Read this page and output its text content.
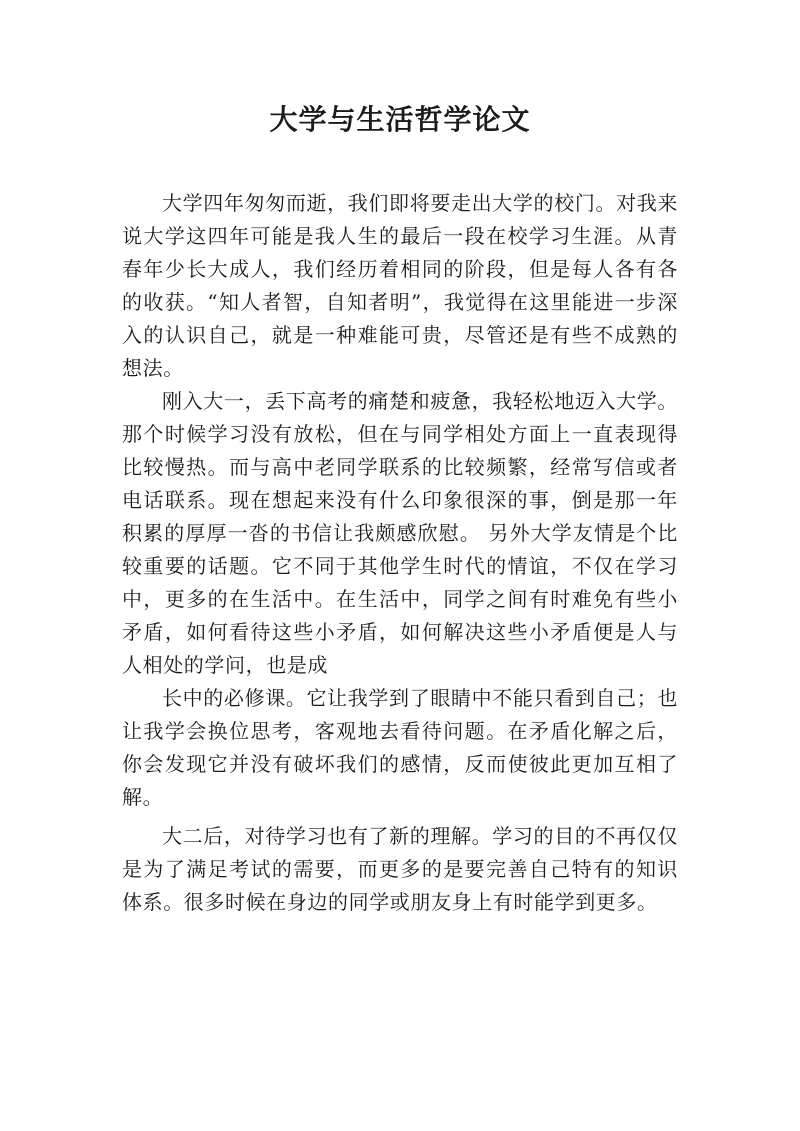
大学与生活哲学论文

大学四年匆匆而逝，我们即将要走出大学的校门。对我来说大学这四年可能是我人生的最后一段在校学习生涯。从青春年少长大成人，我们经历着相同的阶段，但是每人各有各的收获。“知人者智，自知者明”，我觉得在这里能进一步深入的认识自己，就是一种难能可贵，尽管还是有些不成熟的想法。

刚入大一，丢下高考的痛楚和疲惫，我轻松地迈入大学。那个时候学习没有放松，但在与同学相处方面上一直表现得比较慢热。而与高中老同学联系的比较频繁，经常写信或者电话联系。现在想起来没有什么印象很深的事，倒是那一年积累的厚厚一沓的书信让我颇感欣慰。 另外大学友情是个比较重要的话题。它不同于其他学生时代的情谊，不仅在学习中，更多的在生活中。在生活中，同学之间有时难免有些小矛盾，如何看待这些小矛盾，如何解决这些小矛盾便是人与人相处的学问，也是成

长中的必修课。它让我学到了眼睛中不能只看到自己；也让我学会换位思考，客观地去看待问题。在矛盾化解之后，你会发现它并没有破坏我们的感情，反而使彼此更加互相了解。

大二后，对待学习也有了新的理解。学习的目的不再仅仅是为了满足考试的需要，而更多的是要完善自己特有的知识体系。很多时候在身边的同学或朋友身上有时能学到更多。
